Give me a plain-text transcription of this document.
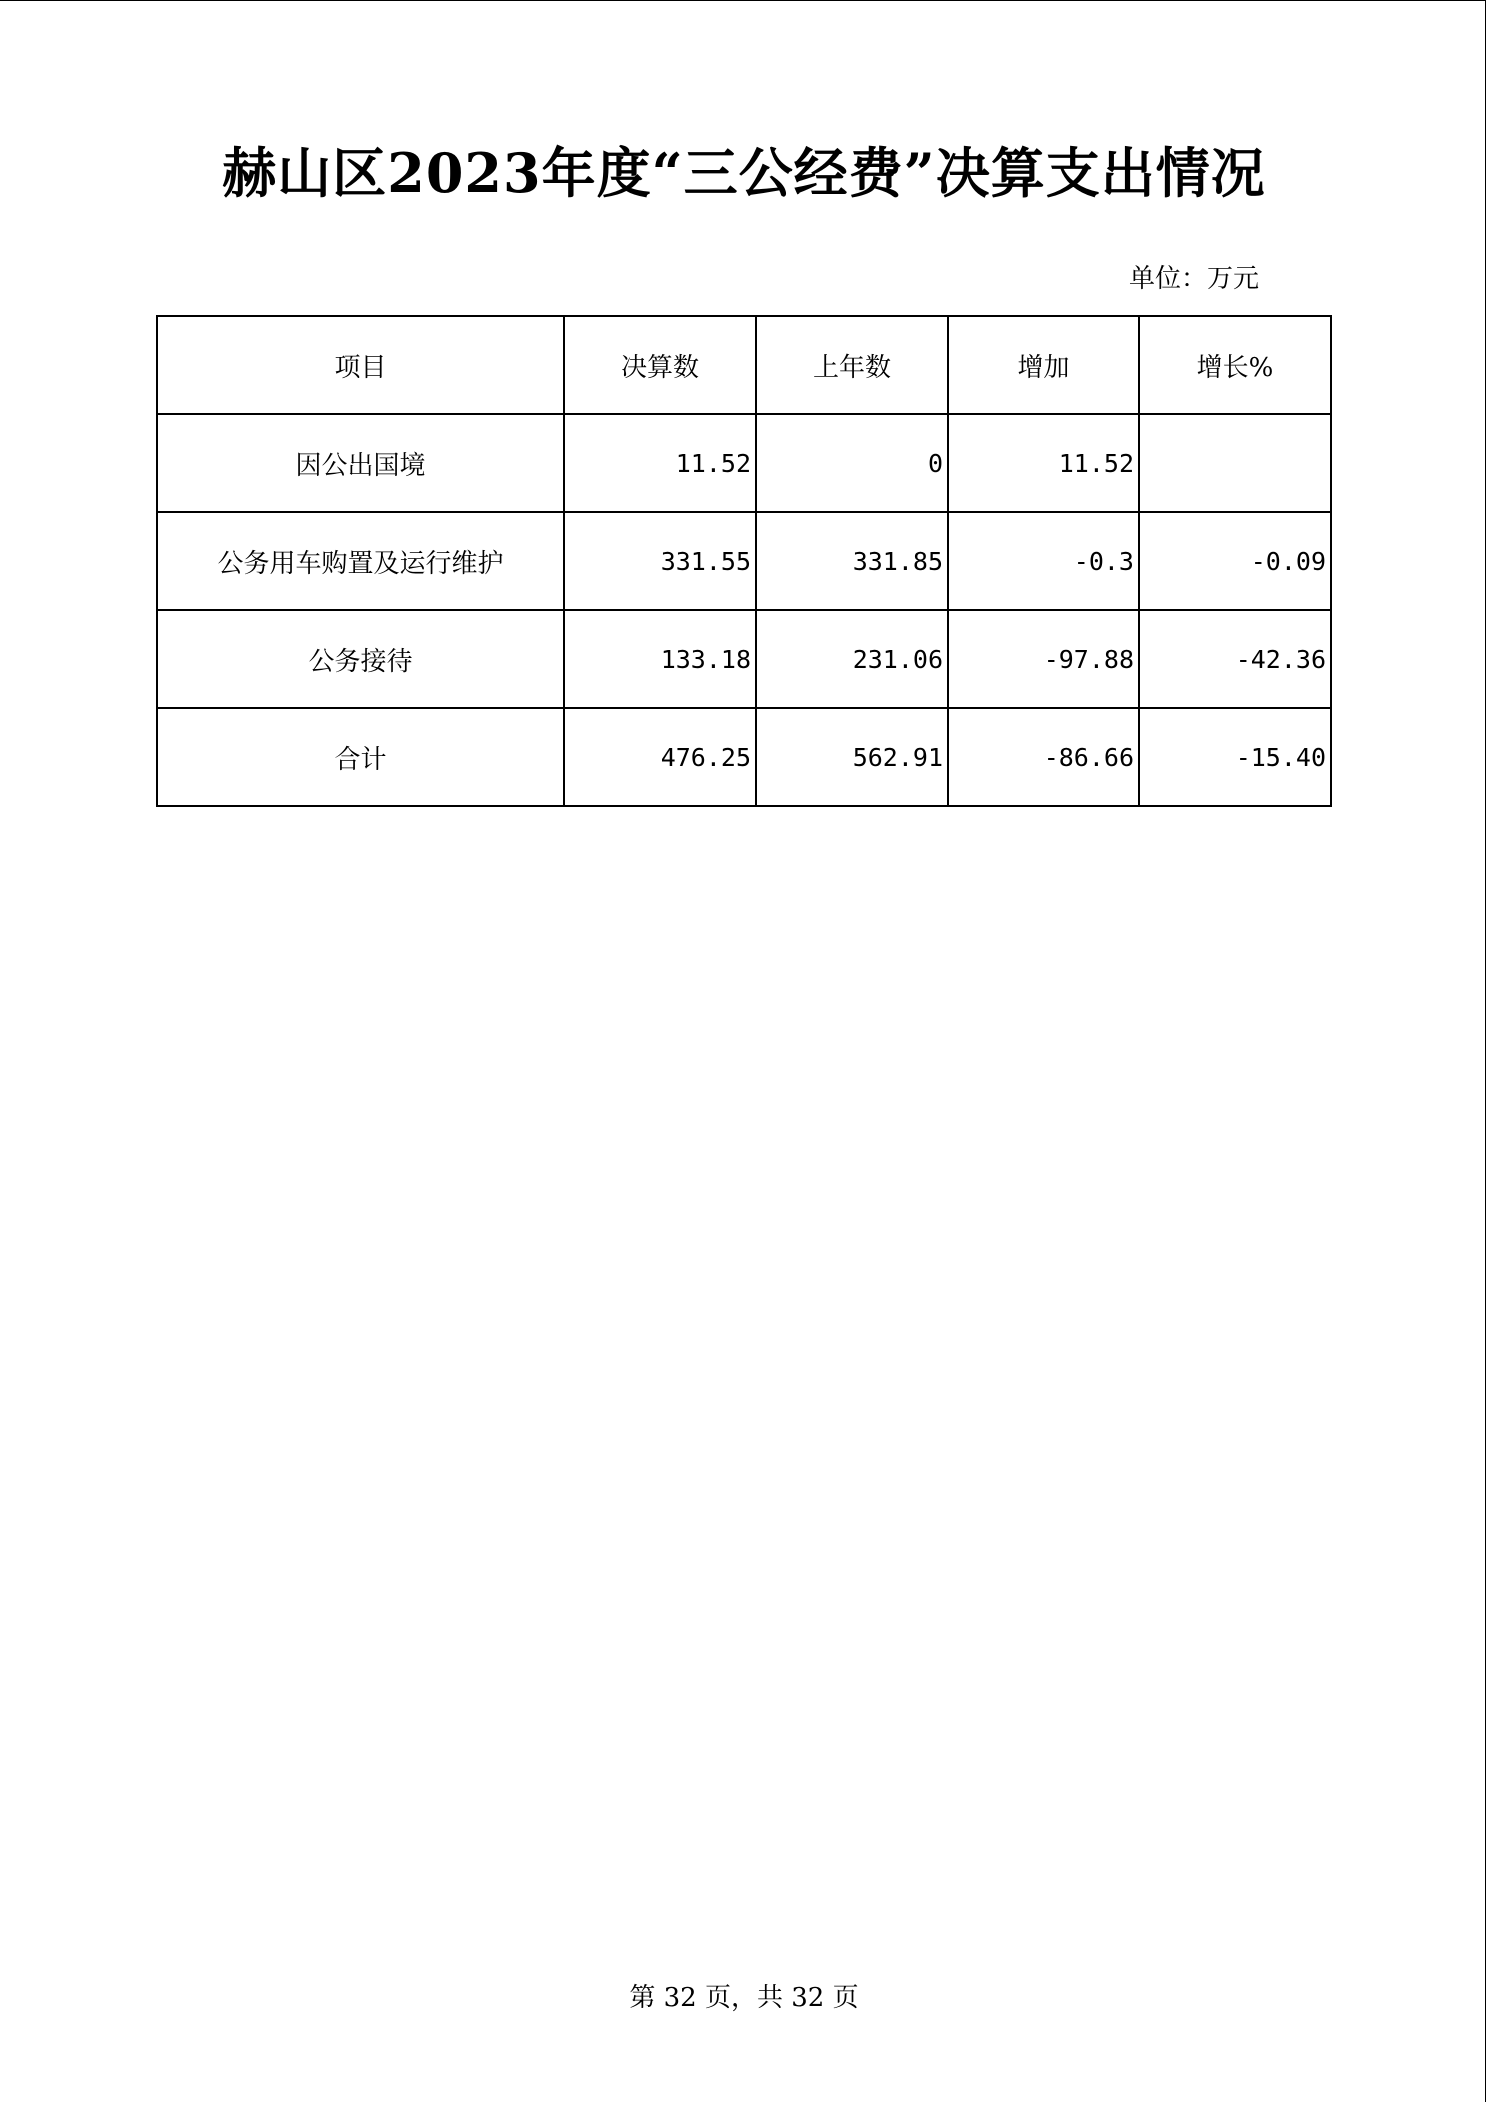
赫山区2023年度“三公经费”决算支出情况
单位：万元
项目	决算数	上年数	增加	增长%
因公出国境	11.52	0	11.52	
公务用车购置及运行维护	331.55	331.85	-0.3	-0.09
公务接待	133.18	231.06	-97.88	-42.36
合计	476.25	562.91	-86.66	-15.40
第 32 页，共 32 页
